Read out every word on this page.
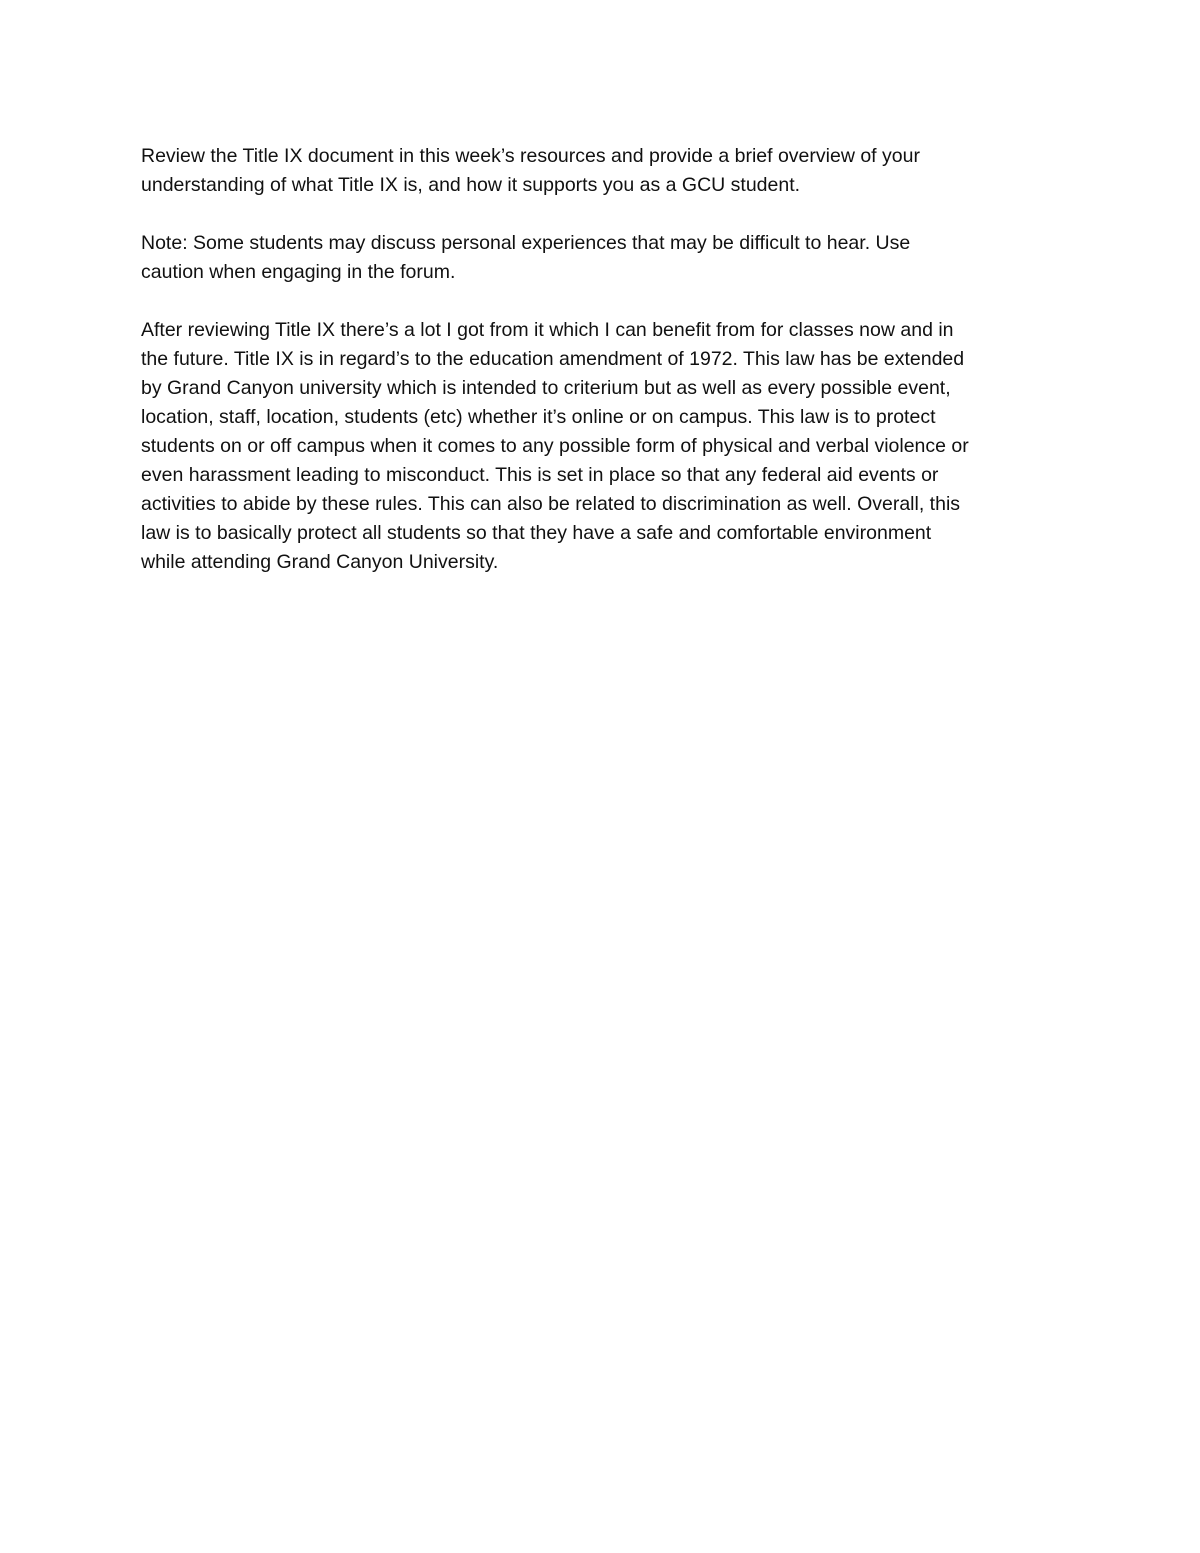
Review the Title IX document in this week’s resources and provide a brief overview of your
understanding of what Title IX is, and how it supports you as a GCU student.

Note: Some students may discuss personal experiences that may be difficult to hear. Use
caution when engaging in the forum.

After reviewing Title IX there’s a lot I got from it which I can benefit from for classes now and in
the future. Title IX is in regard’s to the education amendment of 1972. This law has be extended
by Grand Canyon university which is intended to criterium but as well as every possible event,
location, staff, location, students (etc) whether it’s online or on campus. This law is to protect
students on or off campus when it comes to any possible form of physical and verbal violence or
even harassment leading to misconduct. This is set in place so that any federal aid events or
activities to abide by these rules. This can also be related to discrimination as well. Overall, this
law is to basically protect all students so that they have a safe and comfortable environment
while attending Grand Canyon University.
